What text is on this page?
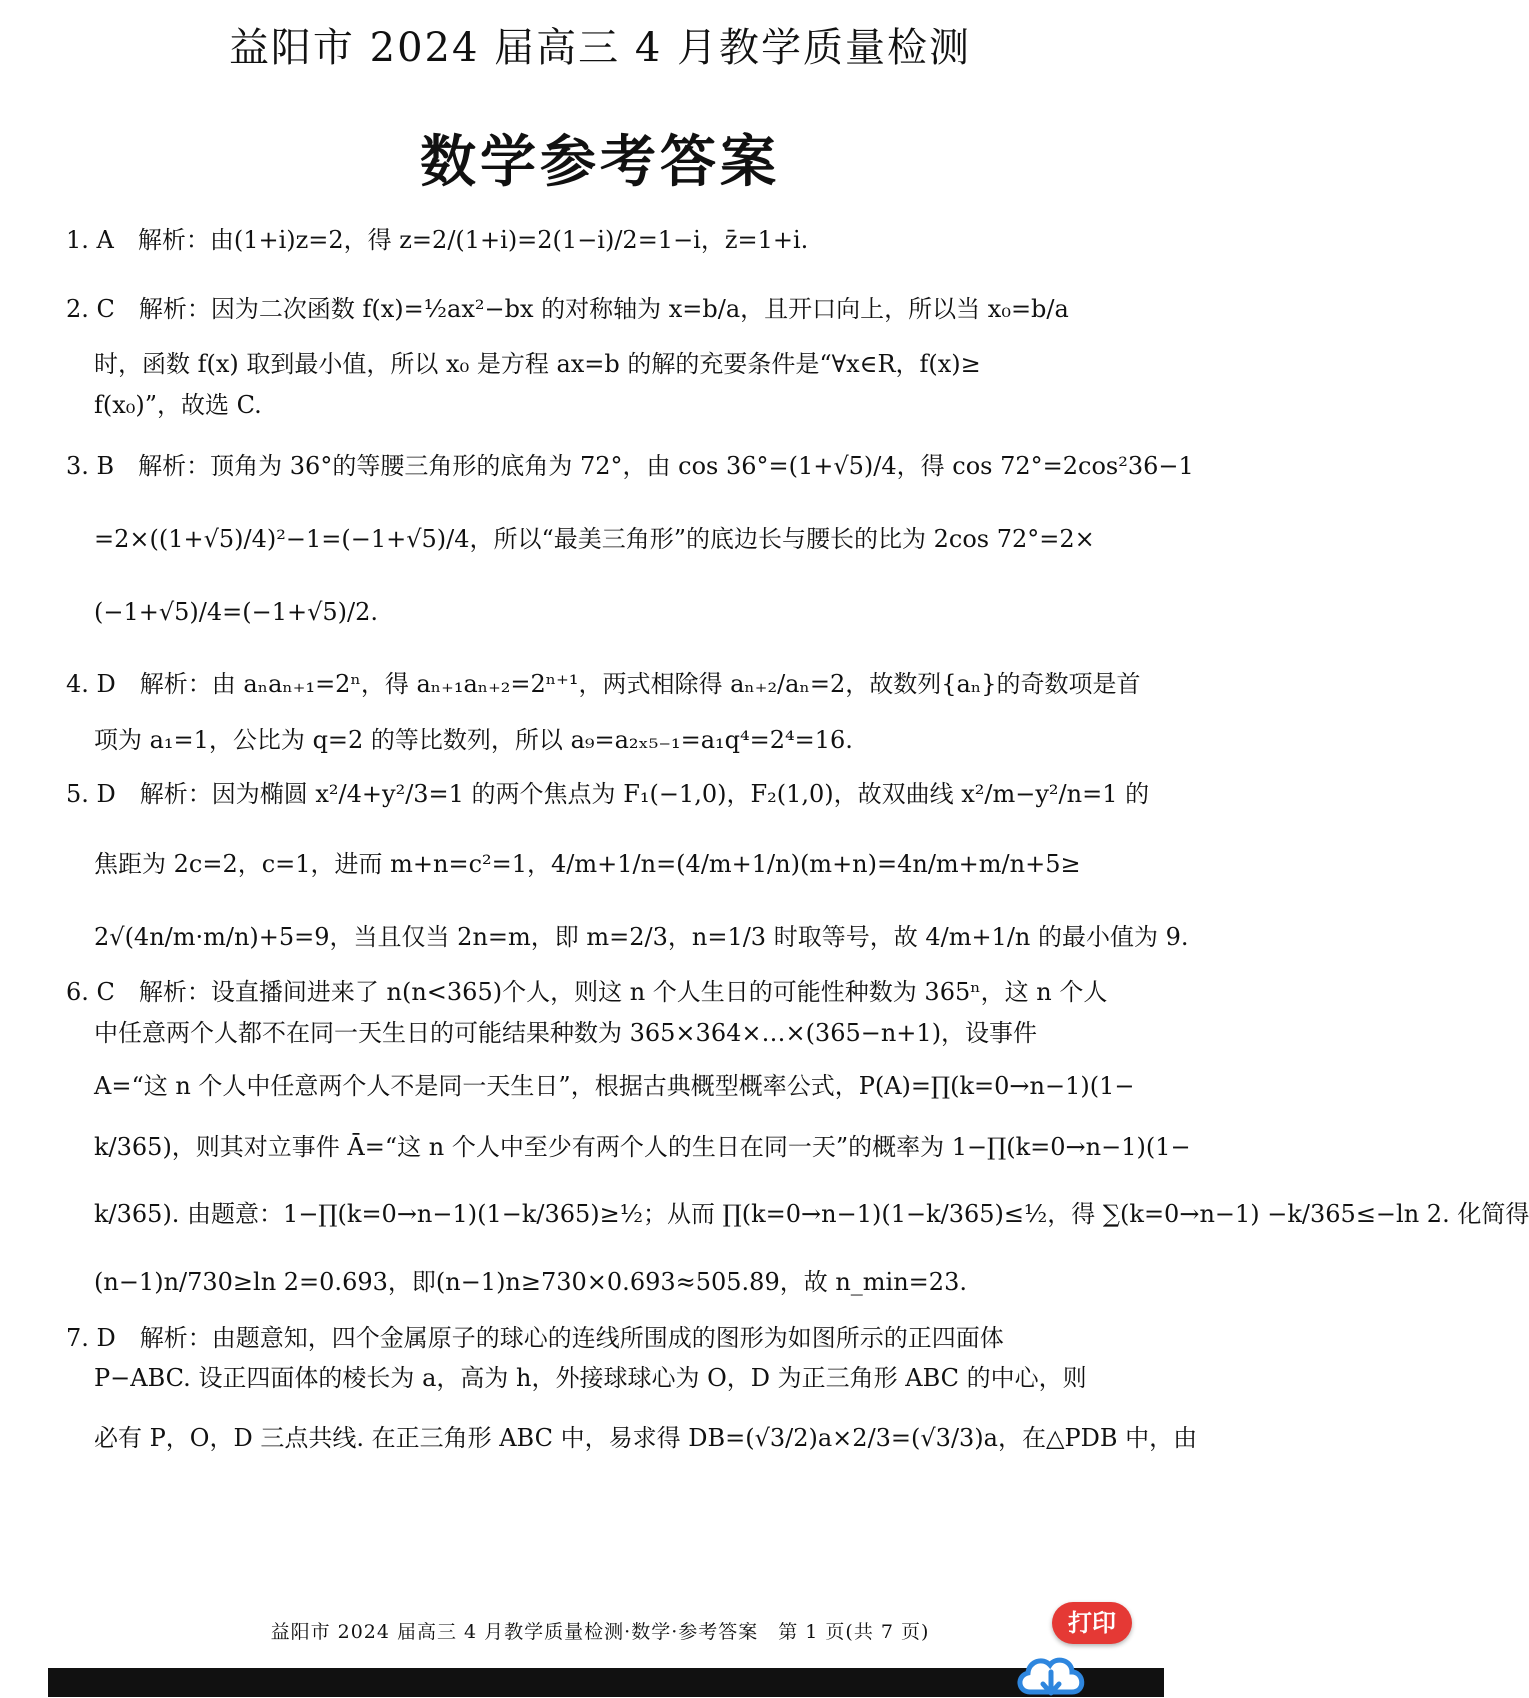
益阳市 2024 届高三 4 月教学质量检测
数学参考答案
1. A　解析：由(1+i)z=2，得 z=2/(1+i)=2(1−i)/2=1−i，z̄=1+i.
2. C　解析：因为二次函数 f(x)=½ax²−bx 的对称轴为 x=b/a，且开口向上，所以当 x₀=b/a
时，函数 f(x) 取到最小值，所以 x₀ 是方程 ax=b 的解的充要条件是“∀x∈R，f(x)≥
f(x₀)”，故选 C.
3. B　解析：顶角为 36°的等腰三角形的底角为 72°，由 cos 36°=(1+√5)/4，得 cos 72°=2cos²36−1
=2×((1+√5)/4)²−1=(−1+√5)/4，所以“最美三角形”的底边长与腰长的比为 2cos 72°=2×
(−1+√5)/4=(−1+√5)/2.
4. D　解析：由 aₙaₙ₊₁=2ⁿ，得 aₙ₊₁aₙ₊₂=2ⁿ⁺¹，两式相除得 aₙ₊₂/aₙ=2，故数列{aₙ}的奇数项是首
项为 a₁=1，公比为 q=2 的等比数列，所以 a₉=a₂ₓ₅₋₁=a₁q⁴=2⁴=16.
5. D　解析：因为椭圆 x²/4+y²/3=1 的两个焦点为 F₁(−1,0)，F₂(1,0)，故双曲线 x²/m−y²/n=1 的
焦距为 2c=2，c=1，进而 m+n=c²=1，4/m+1/n=(4/m+1/n)(m+n)=4n/m+m/n+5≥
2√(4n/m·m/n)+5=9，当且仅当 2n=m，即 m=2/3，n=1/3 时取等号，故 4/m+1/n 的最小值为 9.
6. C　解析：设直播间进来了 n(n<365)个人，则这 n 个人生日的可能性种数为 365ⁿ，这 n 个人
中任意两个人都不在同一天生日的可能结果种数为 365×364×…×(365−n+1)，设事件
A=“这 n 个人中任意两个人不是同一天生日”，根据古典概型概率公式，P(A)=∏(k=0→n−1)(1−
k/365)，则其对立事件 Ā=“这 n 个人中至少有两个人的生日在同一天”的概率为 1−∏(k=0→n−1)(1−
k/365). 由题意：1−∏(k=0→n−1)(1−k/365)≥½；从而 ∏(k=0→n−1)(1−k/365)≤½，得 ∑(k=0→n−1) −k/365≤−ln 2. 化简得
(n−1)n/730≥ln 2=0.693，即(n−1)n≥730×0.693≈505.89，故 n_min=23.
7. D　解析：由题意知，四个金属原子的球心的连线所围成的图形为如图所示的正四面体
P−ABC. 设正四面体的棱长为 a，高为 h，外接球球心为 O，D 为正三角形 ABC 的中心，则
必有 P，O，D 三点共线. 在正三角形 ABC 中，易求得 DB=(√3/2)a×2/3=(√3/3)a，在△PDB 中，由
益阳市 2024 届高三 4 月教学质量检测·数学·参考答案　第 1 页(共 7 页)	打印
